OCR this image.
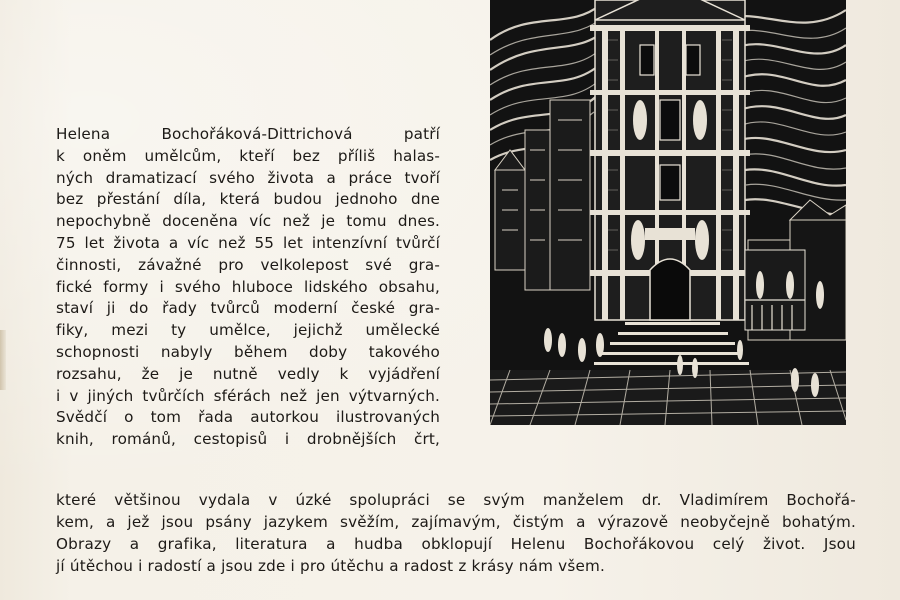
Helena Bochořáková-Dittrichová patří
k oněm umělcům, kteří bez příliš halas-
ných dramatizací svého života a práce tvoří
bez přestání díla, která budou jednoho dne
nepochybně doceněna víc než je tomu dnes.
75 let života a víc než 55 let intenzívní tvůrčí
činnosti, závažné pro velkolepost své gra-
fické formy i svého hluboce lidského obsahu,
staví ji do řady tvůrců moderní české gra-
fiky, mezi ty umělce, jejichž umělecké
schopnosti nabyly během doby takového
rozsahu, že je nutně vedly k vyjádření
i v jiných tvůrčích sférách než jen výtvarných.
Svědčí o tom řada autorkou ilustrovaných
knih, románů, cestopisů i drobnějších črt,
které většinou vydala v úzké spolupráci se svým manželem dr. Vladimírem Bochořá-
kem, a jež jsou psány jazykem svěžím, zajímavým, čistým a výrazově neobyčejně bohatým.
Obrazy a grafika, literatura a hudba obklopují Helenu Bochořákovou celý život. Jsou
jí útěchou i radostí a jsou zde i pro útěchu a radost z krásy nám všem.
